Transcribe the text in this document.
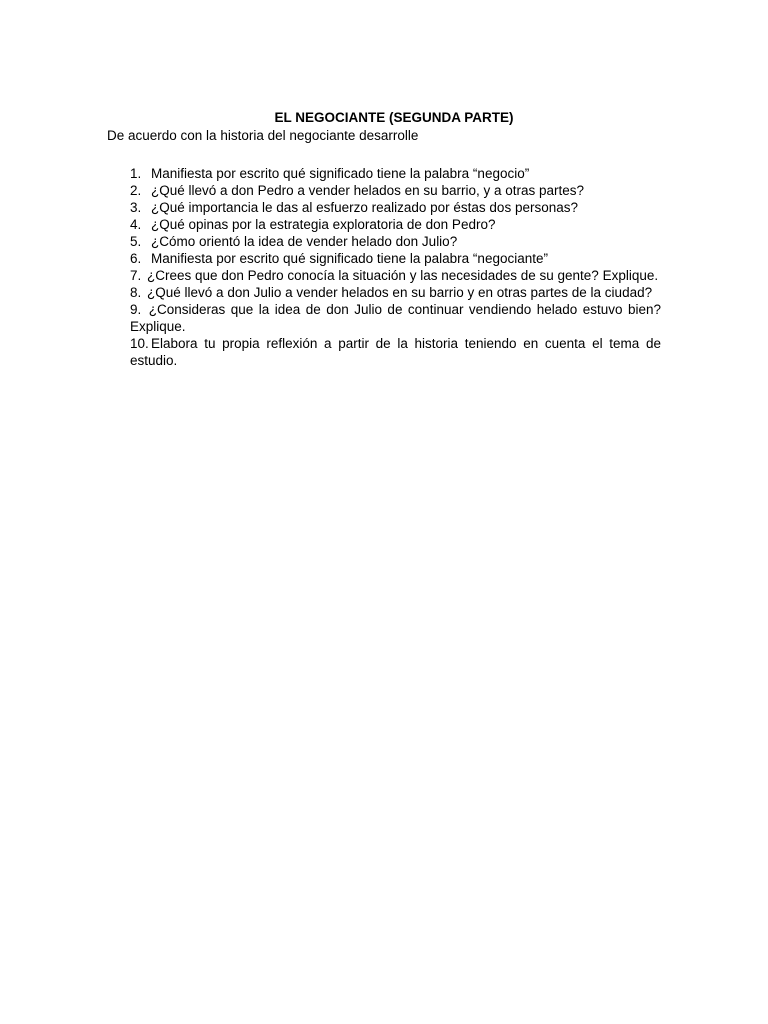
EL NEGOCIANTE (SEGUNDA PARTE)
De acuerdo con la historia del negociante desarrolle
1. Manifiesta por escrito qué significado tiene la palabra “negocio”
2. ¿Qué llevó a don Pedro a vender helados en su barrio, y a otras partes?
3. ¿Qué importancia le das al esfuerzo realizado por éstas dos personas?
4. ¿Qué opinas por la estrategia exploratoria de don Pedro?
5. ¿Cómo orientó la idea de vender helado don Julio?
6. Manifiesta por escrito qué significado tiene la palabra “negociante”
7. ¿Crees que don Pedro conocía la situación y las necesidades de su gente? Explique.
8. ¿Qué llevó a don Julio a vender helados en su barrio y en otras partes de la ciudad?
9. ¿Consideras que la idea de don Julio de continuar vendiendo helado estuvo bien? Explique.
10. Elabora tu propia reflexión a partir de la historia teniendo en cuenta el tema de estudio.
